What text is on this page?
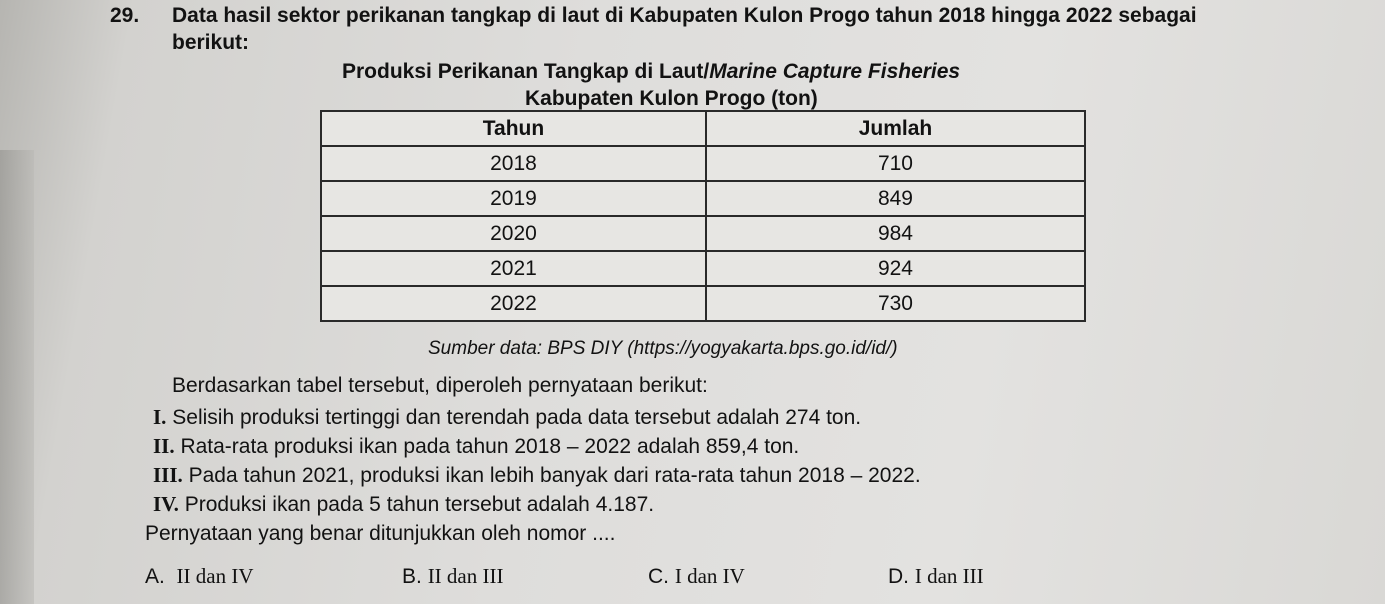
29. Data hasil sektor perikanan tangkap di laut di Kabupaten Kulon Progo tahun 2018 hingga 2022 sebagai
berikut:
Produksi Perikanan Tangkap di Laut/Marine Capture Fisheries
Kabupaten Kulon Progo (ton)
Tahun	Jumlah
2018	710
2019	849
2020	984
2021	924
2022	730
Sumber data: BPS DIY (https://yogyakarta.bps.go.id/id/)
Berdasarkan tabel tersebut, diperoleh pernyataan berikut:
I. Selisih produksi tertinggi dan terendah pada data tersebut adalah 274 ton.
II. Rata-rata produksi ikan pada tahun 2018 – 2022 adalah 859,4 ton.
III. Pada tahun 2021, produksi ikan lebih banyak dari rata-rata tahun 2018 – 2022.
IV. Produksi ikan pada 5 tahun tersebut adalah 4.187.
Pernyataan yang benar ditunjukkan oleh nomor ....
A. II dan IV	B. II dan III	C. I dan IV	D. I dan III
